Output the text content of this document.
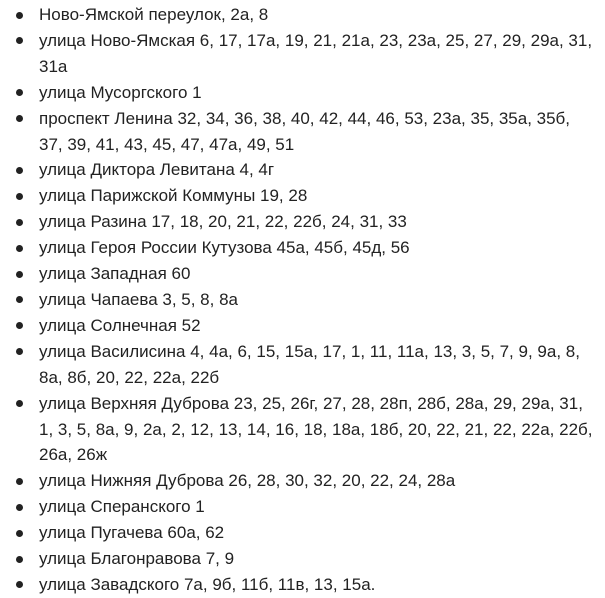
Ново-Ямской переулок, 2а, 8
улица Ново-Ямская 6, 17, 17а, 19, 21, 21а, 23, 23а, 25, 27, 29, 29а, 31, 31а
улица Мусоргского 1
проспект Ленина 32, 34, 36, 38, 40, 42, 44, 46, 53, 23а, 35, 35а, 35б, 37, 39, 41, 43, 45, 47, 47а, 49, 51
улица Диктора Левитана 4, 4г
улица Парижской Коммуны 19, 28
улица Разина 17, 18, 20, 21, 22, 22б, 24, 31, 33
улица Героя России Кутузова 45а, 45б, 45д, 56
улица Западная 60
улица Чапаева 3, 5, 8, 8а
улица Солнечная 52
улица Василисина 4, 4а, 6, 15, 15а, 17, 1, 11, 11а, 13, 3, 5, 7, 9, 9а, 8, 8а, 8б, 20, 22, 22а, 22б
улица Верхняя Дуброва 23, 25, 26г, 27, 28, 28п, 28б, 28а, 29, 29а, 31, 1, 3, 5, 8а, 9, 2а, 2, 12, 13, 14, 16, 18, 18а, 18б, 20, 22, 21, 22, 22а, 22б, 26а, 26ж
улица Нижняя Дуброва 26, 28, 30, 32, 20, 22, 24, 28а
улица Сперанского 1
улица Пугачева 60а, 62
улица Благонравова 7, 9
улица Завадского 7а, 9б, 11б, 11в, 13, 15а.
